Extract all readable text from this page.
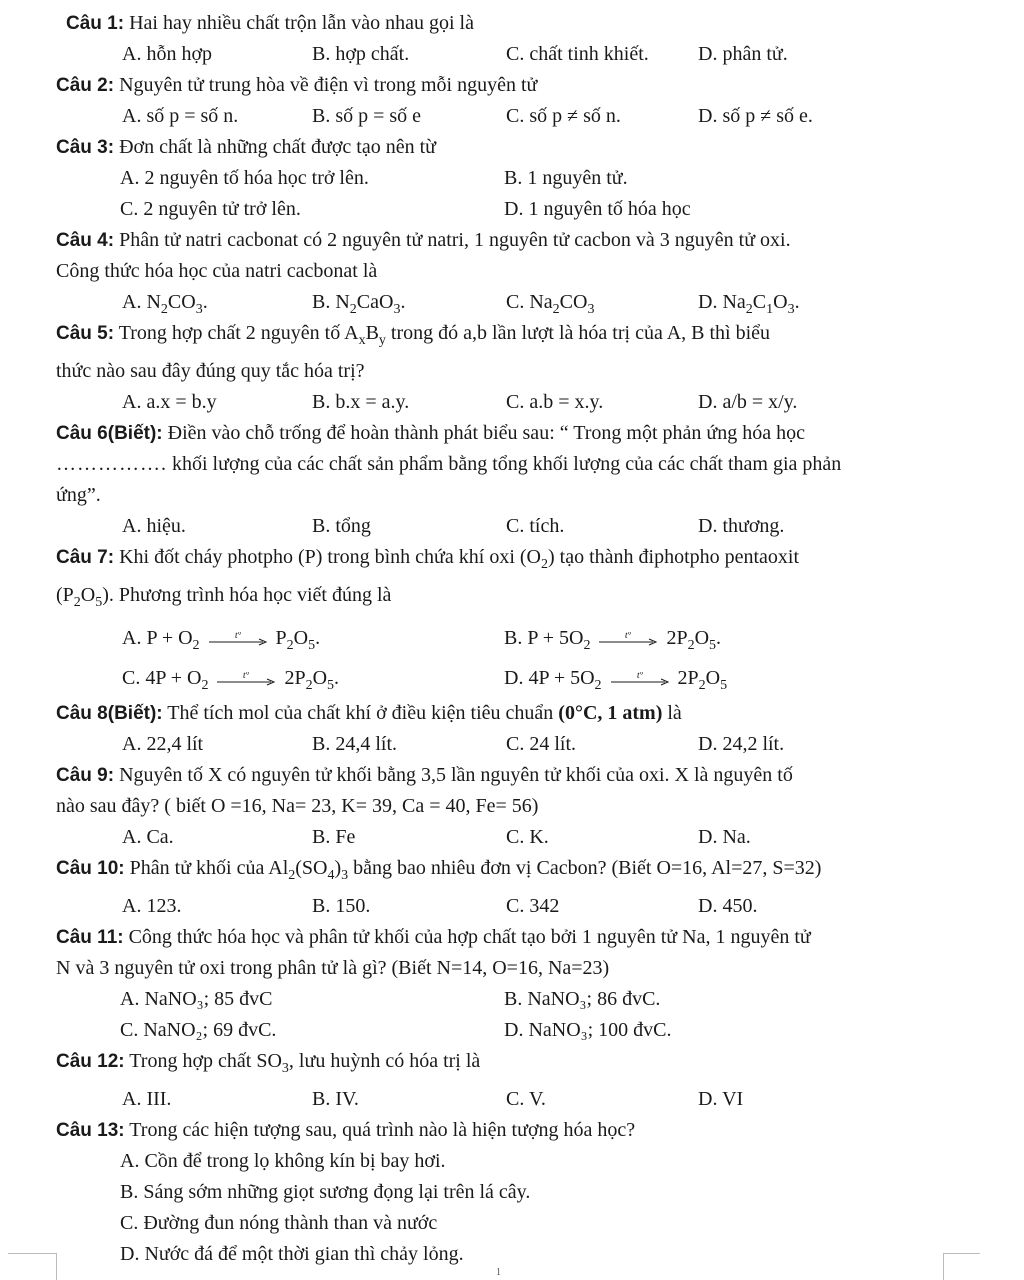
Câu 1: Hai hay nhiều chất trộn lẫn vào nhau gọi là
A. hỗn hợp	B. hợp chất.	C. chất tinh khiết. D. phân tử.
Câu 2: Nguyên tử trung hòa về điện vì trong mỗi nguyên tử
A. số p = số n.	B. số p = số e	C. số p ≠ số n.	D. số p ≠ số e.
Câu 3: Đơn chất là những chất được tạo nên từ
A. 2 nguyên tố hóa học trở lên.	B. 1 nguyên tử.
C. 2 nguyên tử trở lên.	D. 1 nguyên tố hóa học
Câu 4: Phân tử natri cacbonat có 2 nguyên tử natri, 1 nguyên tử cacbon và 3 nguyên tử oxi.
Công thức hóa học của natri cacbonat là
A. $N_2CO_3$.	B. $N_2CaO_3$.	C. $Na_2CO_3$	D. $Na_2C_1O_3$.
Câu 5: Trong hợp chất 2 nguyên tố $A_xB_y$ trong đó a,b lần lượt là hóa trị của A, B thì biểu
thức nào sau đây đúng quy tắc hóa trị?
A. a.x = b.y	B. b.x = a.y.	C. a.b = x.y.	D. a/b = x/y.
Câu 6(Biết): Điền vào chỗ trống để hoàn thành phát biểu sau: “ Trong một phản ứng hóa học
……………. khối lượng của các chất sản phẩm bằng tổng khối lượng của các chất tham gia phản
ứng”.
A. hiệu.	B. tổng	C. tích.	D. thương.
Câu 7: Khi đốt cháy photpho (P) trong bình chứa khí oxi $(O_2)$ tạo thành điphotpho pentaoxit
$(P_2O_5)$. Phương trình hóa học viết đúng là
A. $P + O_2$
t° $P_2O_5$.	B. $P + 5O_2$
t° $2P_2O_5$.
C. $4P + O_2$
t° $2P_2O_5$.	D. $4P + 5O_2$
t° $2P_2O_5$
Câu 8(Biết): Thể tích mol của chất khí ở điều kiện tiêu chuẩn (0°C, 1 atm) là
A. 22,4 lít	B. 24,4 lít.	C. 24 lít.	D. 24,2 lít.
Câu 9: Nguyên tố X có nguyên tử khối bằng 3,5 lần nguyên tử khối của oxi. X là nguyên tố
nào sau đây? ( biết O =16, Na= 23, K= 39, Ca = 40, Fe= 56)
A. Ca.	B. Fe	C. K.	D. Na.
Câu 10: Phân tử khối của $Al_2(SO_4)_3$ bằng bao nhiêu đơn vị Cacbon? (Biết O=16, Al=27, S=32)
A. 123.	B. 150.	C. 342	D. 450.
Câu 11: Công thức hóa học và phân tử khối của hợp chất tạo bởi 1 nguyên tử Na, 1 nguyên tử
N và 3 nguyên tử oxi trong phân tử là gì? (Biết N=14, O=16, Na=23)
A. NaNO₃; 85 đvC	B. NaNO₃; 86 đvC.
C. NaNO₂; 69 đvC.	D. NaNO₃; 100 đvC.
Câu 12: Trong hợp chất $SO_3$, lưu huỳnh có hóa trị là
A. III.	B. IV.	C. V.	D. VI
Câu 13: Trong các hiện tượng sau, quá trình nào là hiện tượng hóa học?
A. Cồn để trong lọ không kín bị bay hơi.
B. Sáng sớm những giọt sương đọng lại trên lá cây.
C. Đường đun nóng thành than và nước
D. Nước đá để một thời gian thì chảy lỏng.
1
